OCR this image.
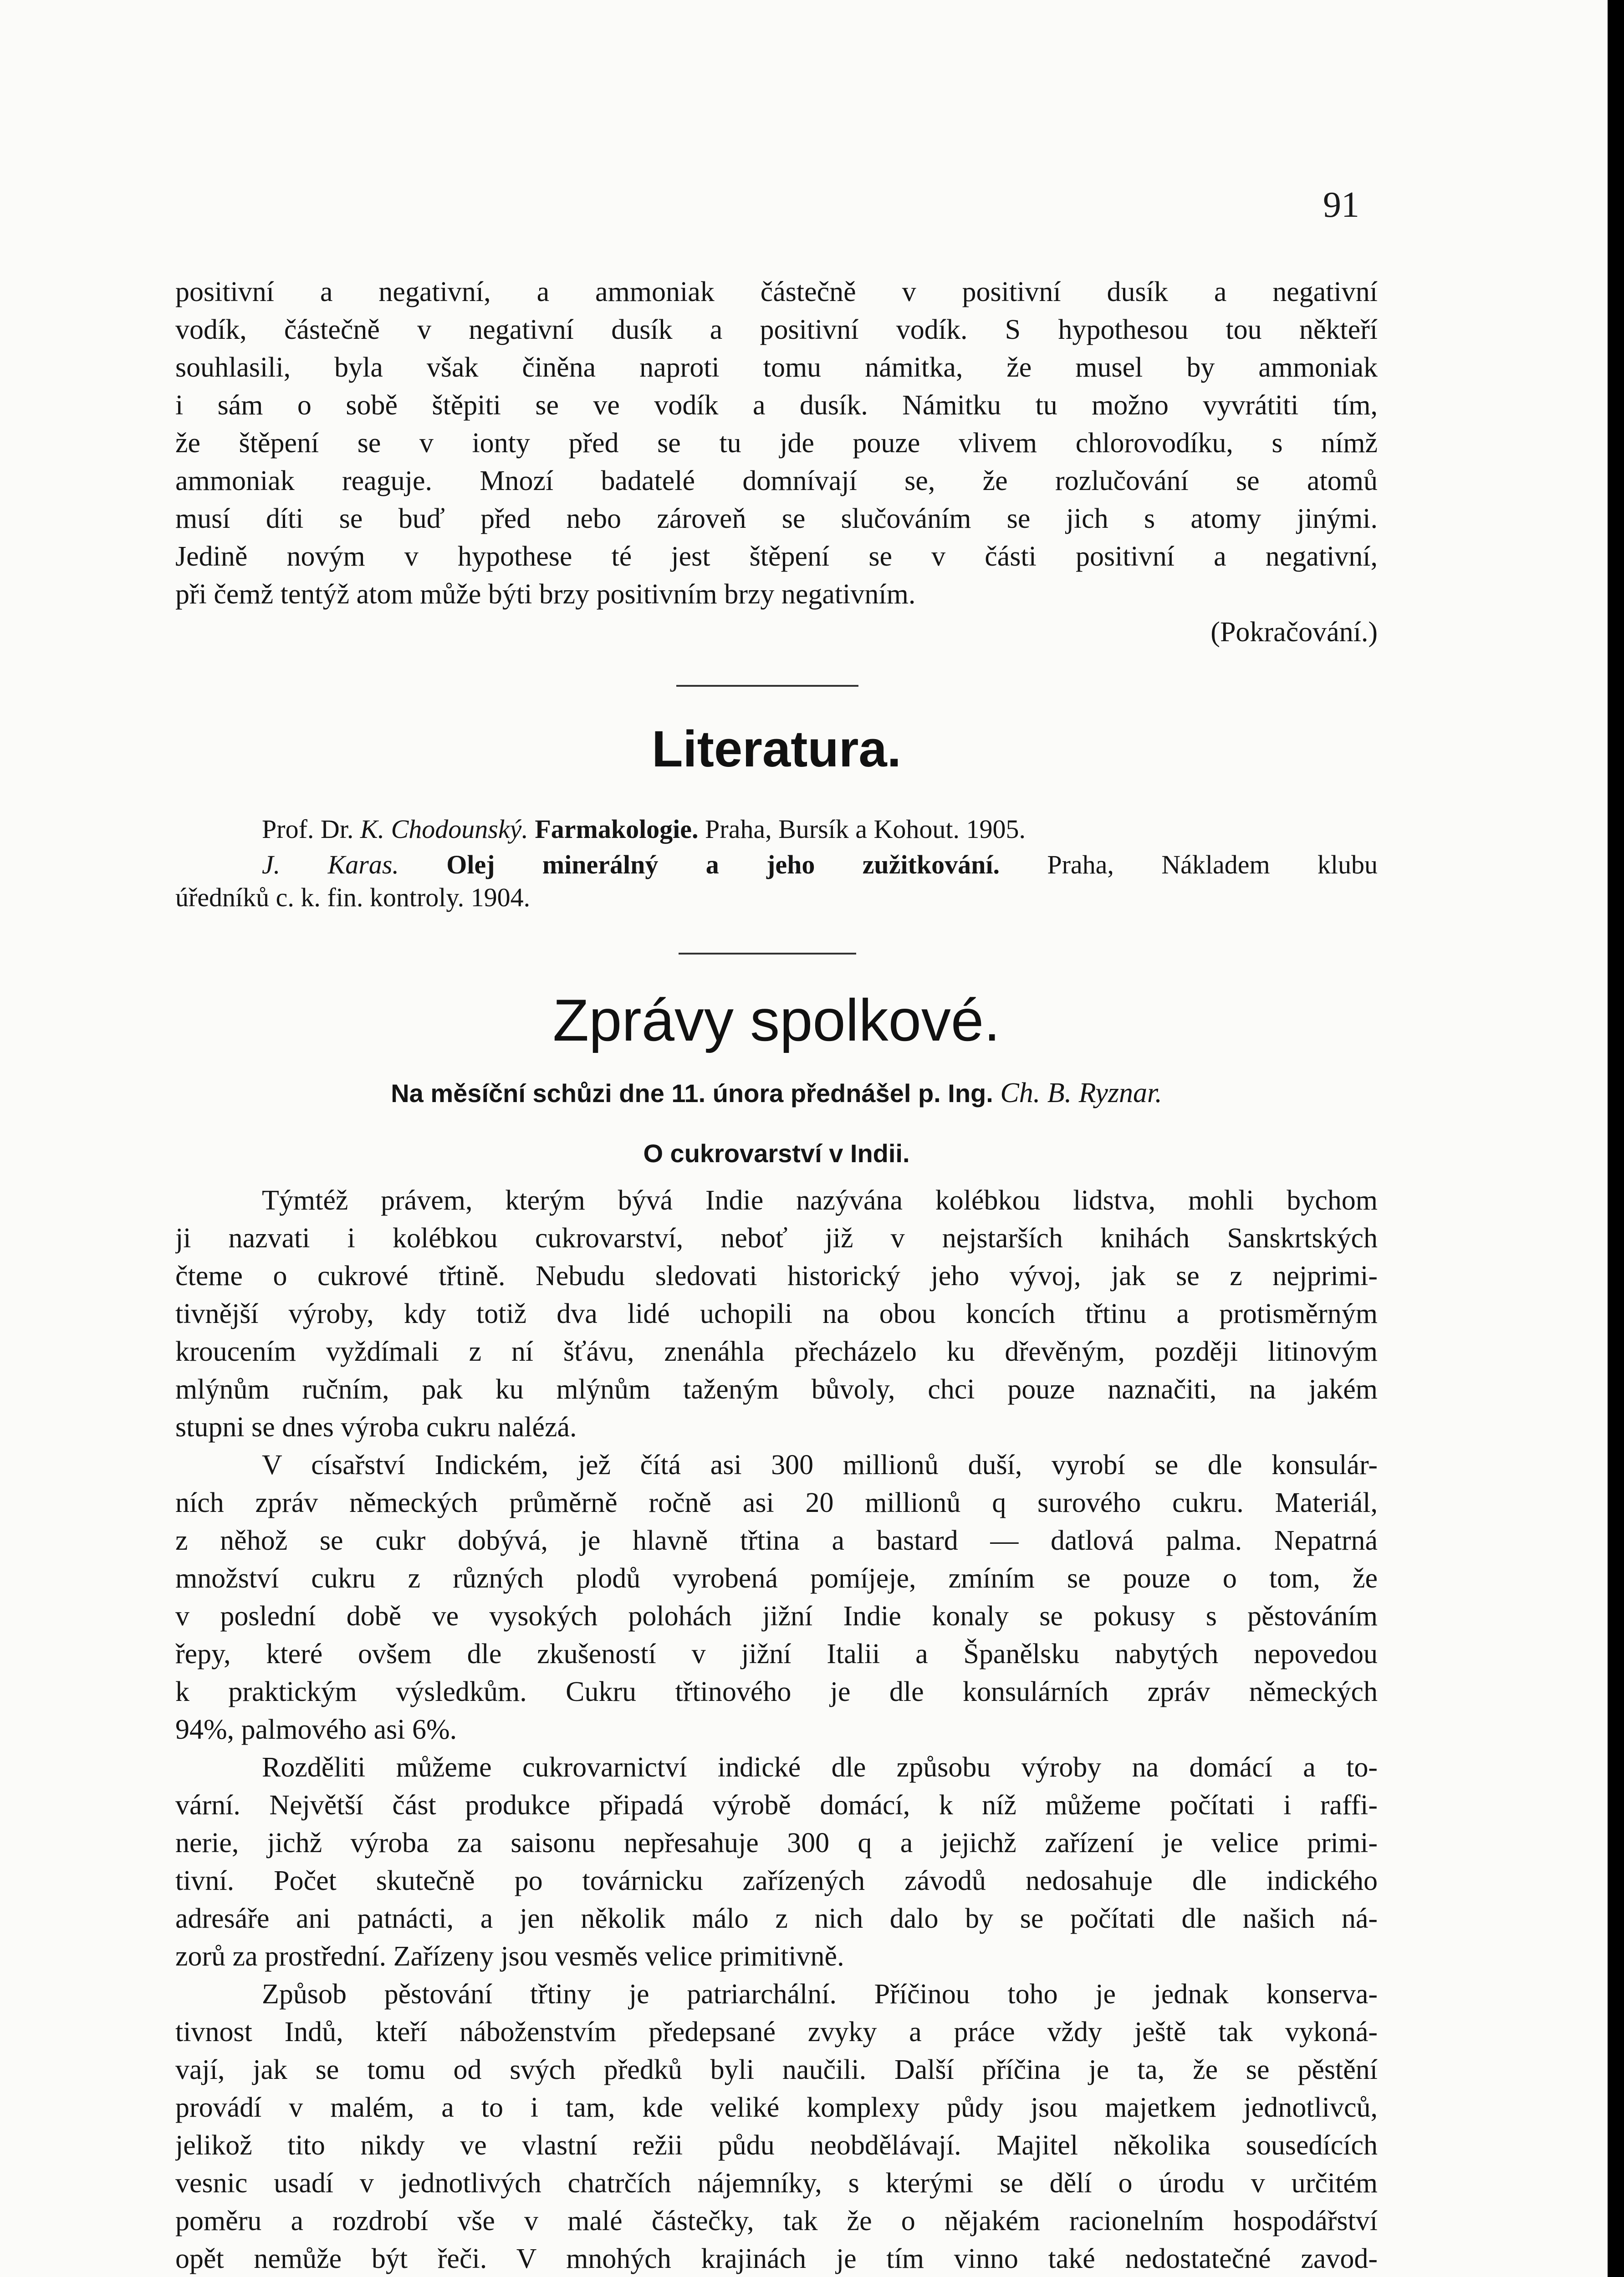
91
positivní a negativní, a ammoniak částečně v positivní dusík a negativní
vodík, částečně v negativní dusík a positivní vodík. S hypothesou tou někteří
souhlasili, byla však činěna naproti tomu námitka, že musel by ammoniak
i sám o sobě štěpiti se ve vodík a dusík. Námitku tu možno vyvrátiti tím,
že štěpení se v ionty před se tu jde pouze vlivem chlorovodíku, s nímž
ammoniak reaguje. Mnozí badatelé domnívají se, že rozlučování se atomů
musí díti se buď před nebo zároveň se slučováním se jich s atomy jinými.
Jedině novým v hypothese té jest štěpení se v části positivní a negativní,
při čemž tentýž atom může býti brzy positivním brzy negativním.
(Pokračování.)
Literatura.
Prof. Dr. K. Chodounský. Farmakologie. Praha, Bursík a Kohout. 1905.
J. Karas. Olej minerálný a jeho zužitkování. Praha, Nákladem klubu
úředníků c. k. fin. kontroly. 1904.
Zprávy spolkové.
Na měsíční schůzi dne 11. února přednášel p. Ing. Ch. B. Ryznar.
O cukrovarství v Indii.
Týmtéž právem, kterým bývá Indie nazývána kolébkou lidstva, mohli bychom
ji nazvati i kolébkou cukrovarství, neboť již v nejstarších knihách Sanskrtských
čteme o cukrové třtině. Nebudu sledovati historický jeho vývoj, jak se z nejprimi-
tivnější výroby, kdy totiž dva lidé uchopili na obou koncích třtinu a protisměrným
kroucením vyždímali z ní šťávu, znenáhla přecházelo ku dřevěným, později litinovým
mlýnům ručním, pak ku mlýnům taženým bůvoly, chci pouze naznačiti, na jakém
stupni se dnes výroba cukru nalézá.
V císařství Indickém, jež čítá asi 300 millionů duší, vyrobí se dle konsulár-
ních zpráv německých průměrně ročně asi 20 millionů q surového cukru. Materiál,
z něhož se cukr dobývá, je hlavně třtina a bastard — datlová palma. Nepatrná
množství cukru z různých plodů vyrobená pomíjeje, zmíním se pouze o tom, že
v poslední době ve vysokých polohách jižní Indie konaly se pokusy s pěstováním
řepy, které ovšem dle zkušeností v jižní Italii a Španělsku nabytých nepovedou
k praktickým výsledkům. Cukru třtinového je dle konsulárních zpráv německých
94%, palmového asi 6%.
Rozděliti můžeme cukrovarnictví indické dle způsobu výroby na domácí a to-
vární. Největší část produkce připadá výrobě domácí, k níž můžeme počítati i raffi-
nerie, jichž výroba za saisonu nepřesahuje 300 q a jejichž zařízení je velice primi-
tivní. Počet skutečně po továrnicku zařízených závodů nedosahuje dle indického
adresáře ani patnácti, a jen několik málo z nich dalo by se počítati dle našich ná-
zorů za prostřední. Zařízeny jsou vesměs velice primitivně.
Způsob pěstování třtiny je patriarchální. Příčinou toho je jednak konserva-
tivnost Indů, kteří náboženstvím předepsané zvyky a práce vždy ještě tak vykoná-
vají, jak se tomu od svých předků byli naučili. Další příčina je ta, že se pěstění
provádí v malém, a to i tam, kde veliké komplexy půdy jsou majetkem jednotlivců,
jelikož tito nikdy ve vlastní režii půdu neobdělávají. Majitel několika sousedících
vesnic usadí v jednotlivých chatrčích nájemníky, s kterými se dělí o úrodu v určitém
poměru a rozdrobí vše v malé částečky, tak že o nějakém racionelním hospodářství
opět nemůže být řeči. V mnohých krajinách je tím vinno také nedostatečné zavod-
